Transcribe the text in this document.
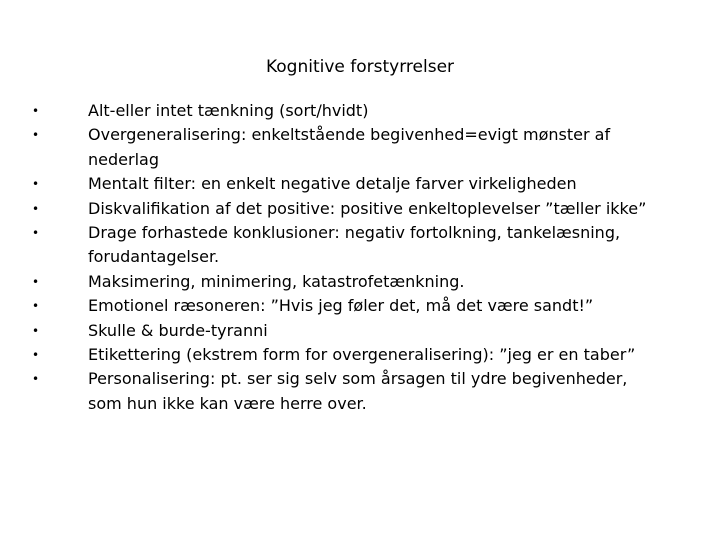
Kognitive forstyrrelser
•	Alt-eller intet tænkning (sort/hvidt)
•	Overgeneralisering: enkeltstående begivenhed=evigt mønster af nederlag
•	Mentalt filter: en enkelt negative detalje farver virkeligheden
•	Diskvalifikation af det positive: positive enkeltoplevelser ”tæller ikke”
•	Drage forhastede konklusioner: negativ fortolkning, tankelæsning, forudantagelser.
•	Maksimering, minimering, katastrofetænkning.
•	Emotionel ræsoneren: ”Hvis jeg føler det, må det være sandt!”
•	Skulle & burde-tyranni
•	Etikettering (ekstrem form for overgeneralisering): ”jeg er en taber”
•	Personalisering: pt. ser sig selv som årsagen til ydre begivenheder, som hun ikke kan være herre over.
